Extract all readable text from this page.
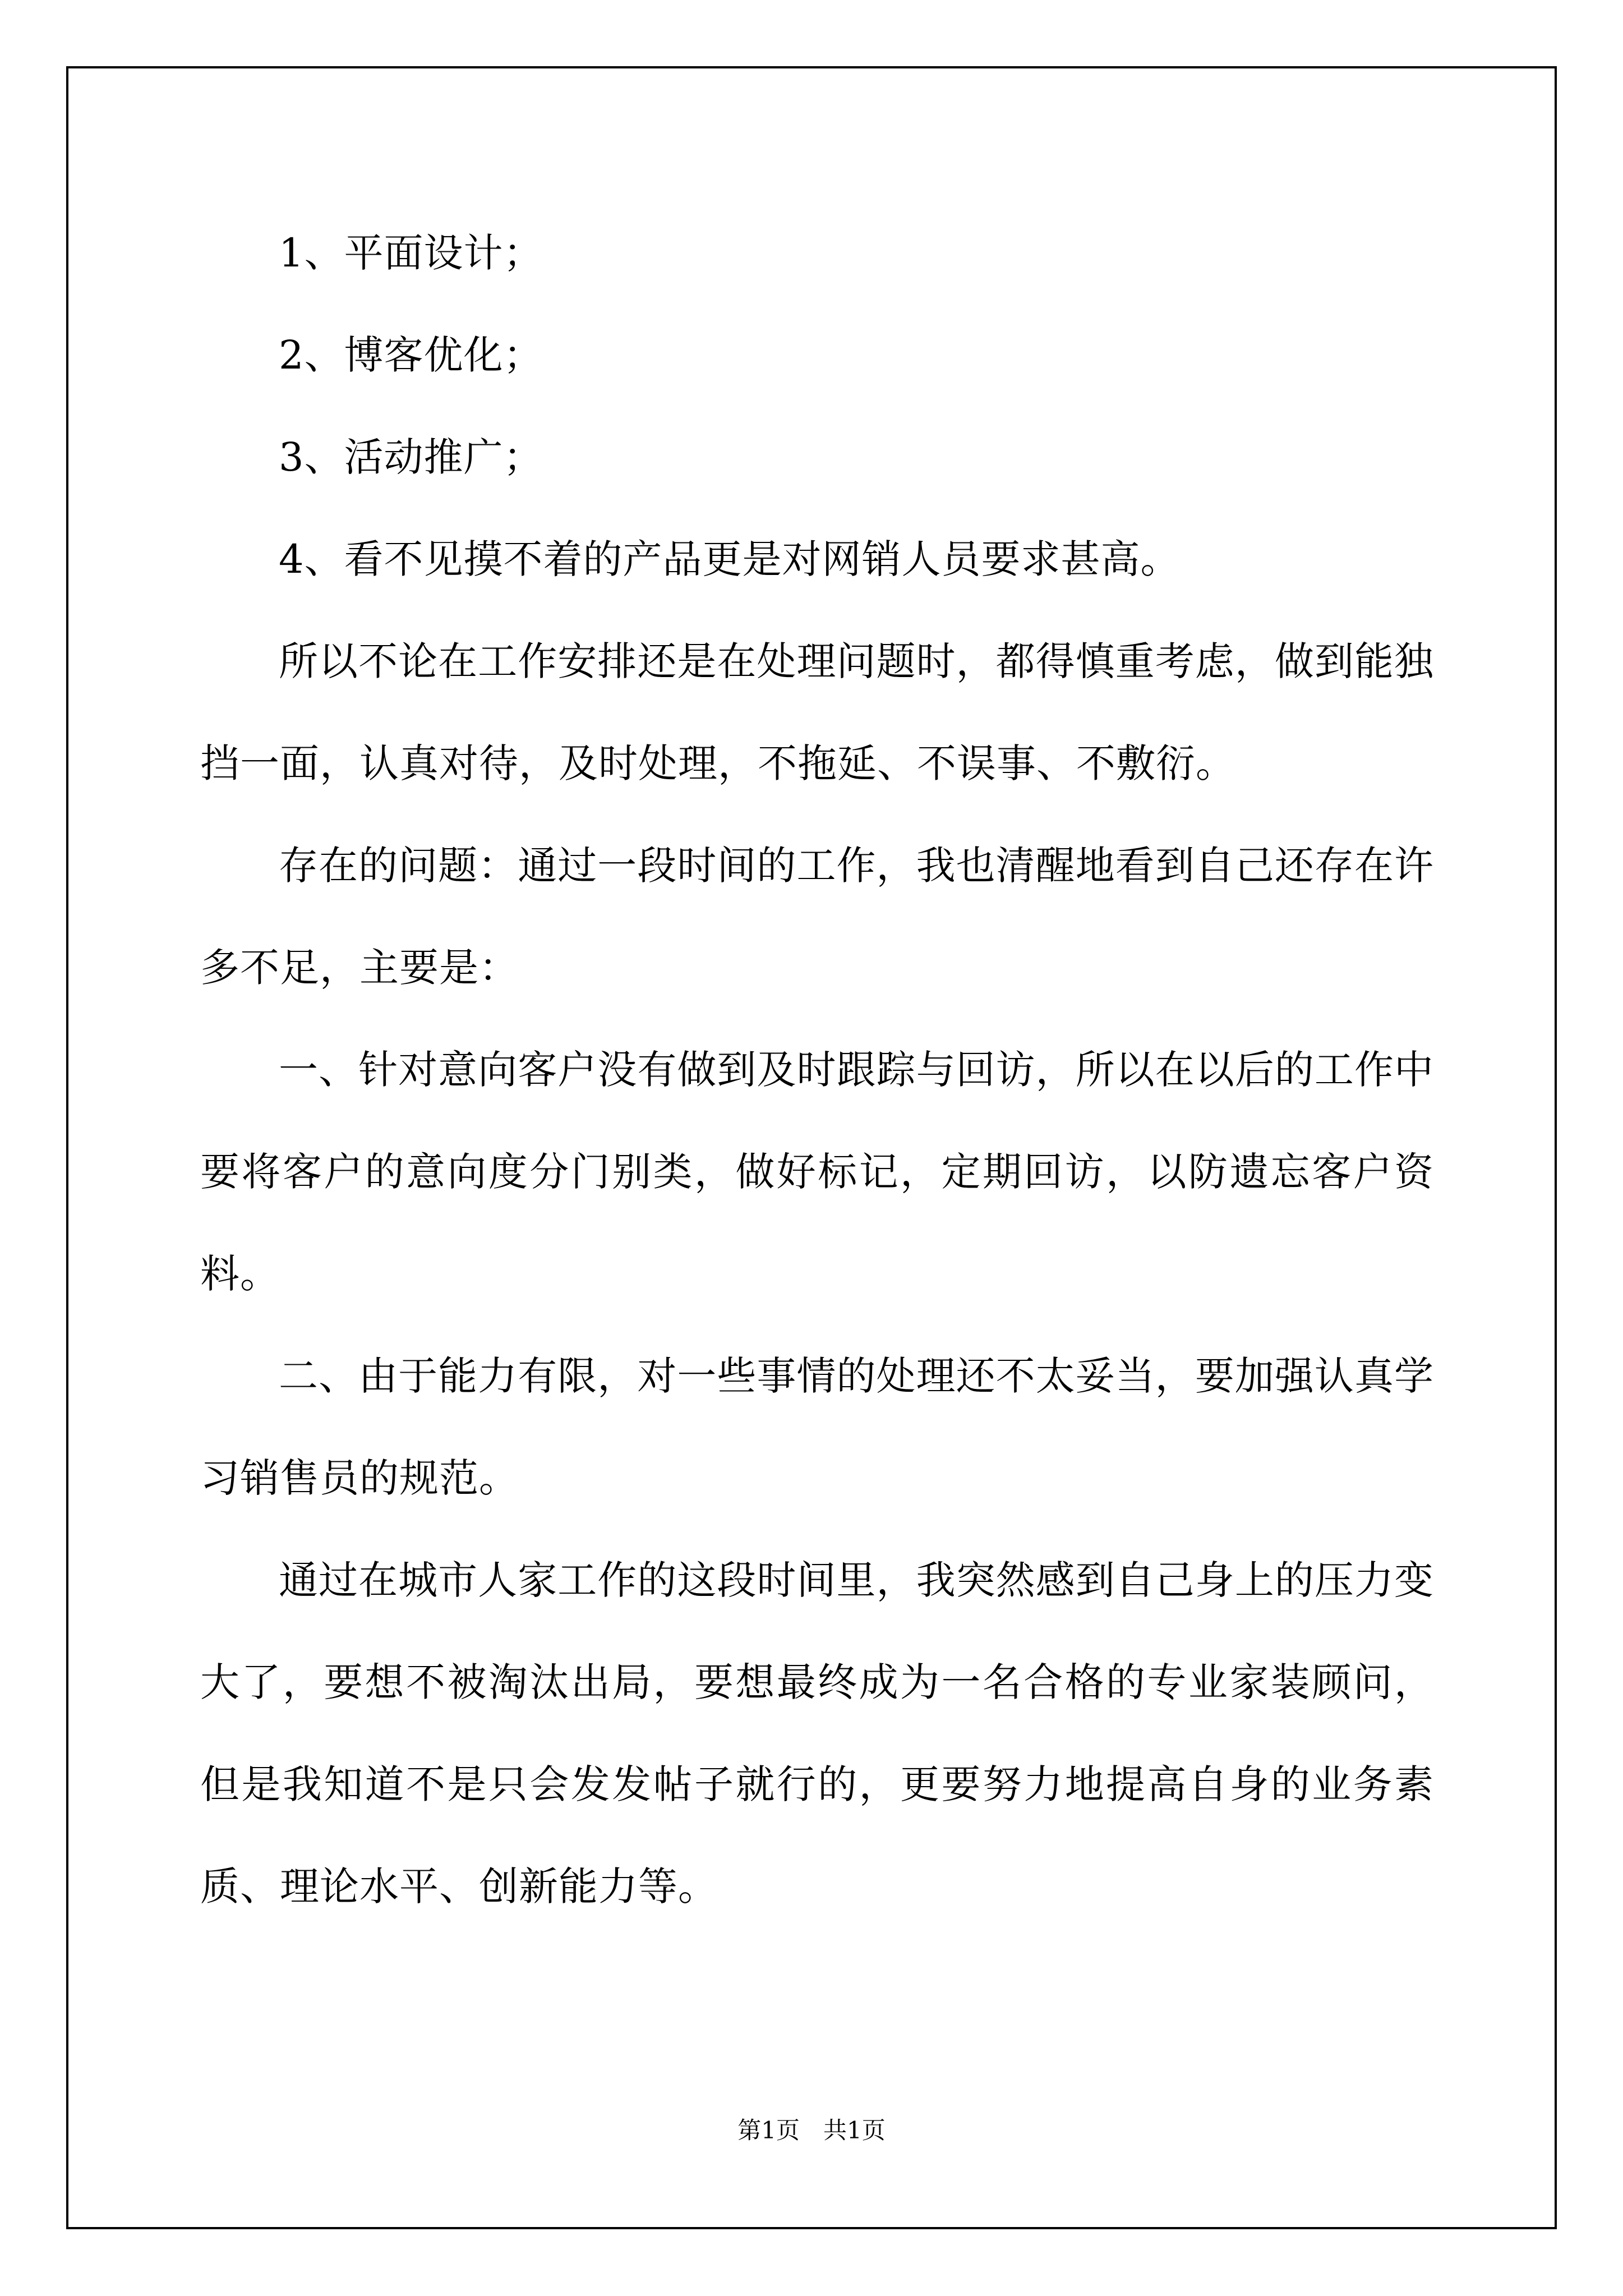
1、平面设计；

2、博客优化；

3、活动推广；

4、看不见摸不着的产品更是对网销人员要求甚高。

所以不论在工作安排还是在处理问题时，都得慎重考虑，做到能独挡一面，认真对待，及时处理，不拖延、不误事、不敷衍。

存在的问题：通过一段时间的工作，我也清醒地看到自己还存在许多不足，主要是：

一、针对意向客户没有做到及时跟踪与回访，所以在以后的工作中要将客户的意向度分门别类，做好标记，定期回访，以防遗忘客户资料。

二、由于能力有限，对一些事情的处理还不太妥当，要加强认真学习销售员的规范。

通过在城市人家工作的这段时间里，我突然感到自己身上的压力变大了，要想不被淘汰出局，要想最终成为一名合格的专业家装顾问，但是我知道不是只会发发帖子就行的，更要努力地提高自身的业务素质、理论水平、创新能力等。

第1页　共1页
